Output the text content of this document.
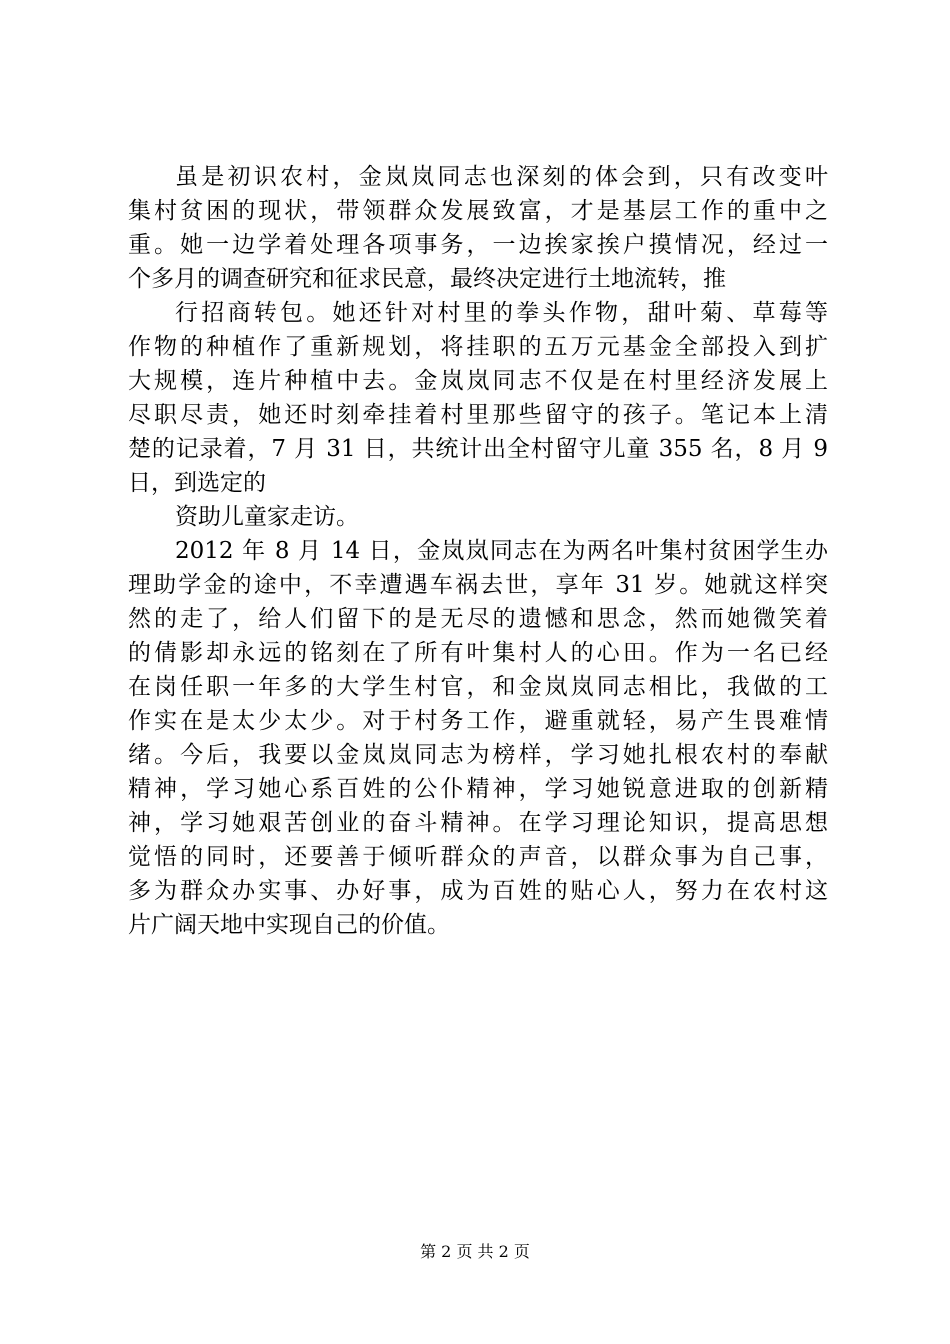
虽是初识农村，金岚岚同志也深刻的体会到，只有改变叶
集村贫困的现状，带领群众发展致富，才是基层工作的重中之
重。她一边学着处理各项事务，一边挨家挨户摸情况，经过一
个多月的调查研究和征求民意，最终决定进行土地流转，推
行招商转包。她还针对村里的拳头作物，甜叶菊、草莓等
作物的种植作了重新规划，将挂职的五万元基金全部投入到扩
大规模，连片种植中去。金岚岚同志不仅是在村里经济发展上
尽职尽责，她还时刻牵挂着村里那些留守的孩子。笔记本上清
楚的记录着，7 月 31 日，共统计出全村留守儿童 355 名，8 月 9
日，到选定的
资助儿童家走访。
2012 年 8 月 14 日，金岚岚同志在为两名叶集村贫困学生办
理助学金的途中，不幸遭遇车祸去世，享年 31 岁。她就这样突
然的走了，给人们留下的是无尽的遗憾和思念，然而她微笑着
的倩影却永远的铭刻在了所有叶集村人的心田。作为一名已经
在岗任职一年多的大学生村官，和金岚岚同志相比，我做的工
作实在是太少太少。对于村务工作，避重就轻，易产生畏难情
绪。今后，我要以金岚岚同志为榜样，学习她扎根农村的奉献
精神，学习她心系百姓的公仆精神，学习她锐意进取的创新精
神，学习她艰苦创业的奋斗精神。在学习理论知识，提高思想
觉悟的同时，还要善于倾听群众的声音，以群众事为自己事，
多为群众办实事、办好事，成为百姓的贴心人，努力在农村这
片广阔天地中实现自己的价值。
第 2 页 共 2 页
